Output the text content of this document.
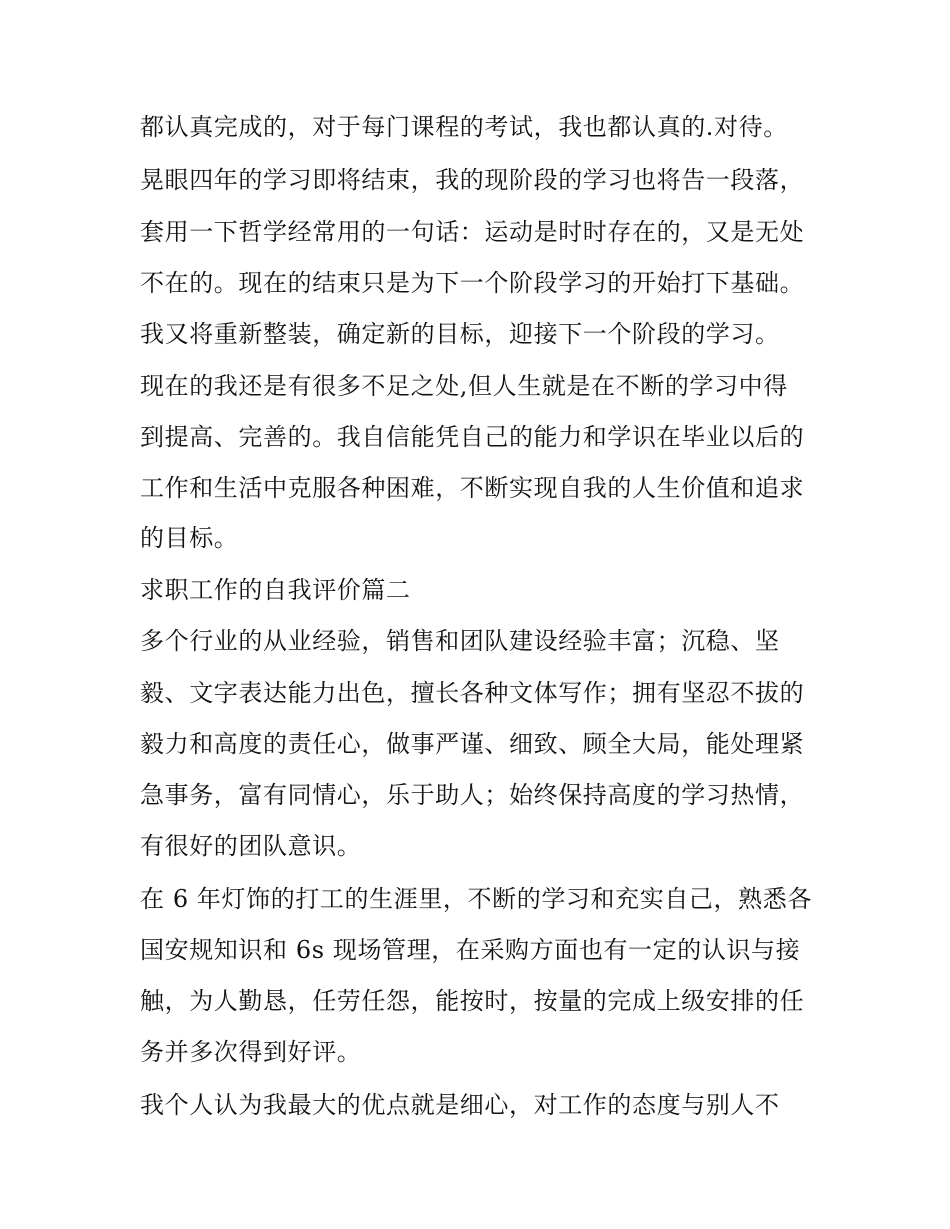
都认真完成的，对于每门课程的考试，我也都认真的.对待。
晃眼四年的学习即将结束，我的现阶段的学习也将告一段落，
套用一下哲学经常用的一句话：运动是时时存在的，又是无处
不在的。现在的结束只是为下一个阶段学习的开始打下基础。
我又将重新整装，确定新的目标，迎接下一个阶段的学习。
现在的我还是有很多不足之处,但人生就是在不断的学习中得
到提高、完善的。我自信能凭自己的能力和学识在毕业以后的
工作和生活中克服各种困难，不断实现自我的人生价值和追求
的目标。
求职工作的自我评价篇二
多个行业的从业经验，销售和团队建设经验丰富；沉稳、坚
毅、文字表达能力出色，擅长各种文体写作；拥有坚忍不拔的
毅力和高度的责任心，做事严谨、细致、顾全大局，能处理紧
急事务，富有同情心，乐于助人；始终保持高度的学习热情，
有很好的团队意识。
在 6 年灯饰的打工的生涯里，不断的学习和充实自己，熟悉各
国安规知识和 6s 现场管理，在采购方面也有一定的认识与接
触，为人勤恳，任劳任怨，能按时，按量的完成上级安排的任
务并多次得到好评。
我个人认为我最大的优点就是细心，对工作的态度与别人不
